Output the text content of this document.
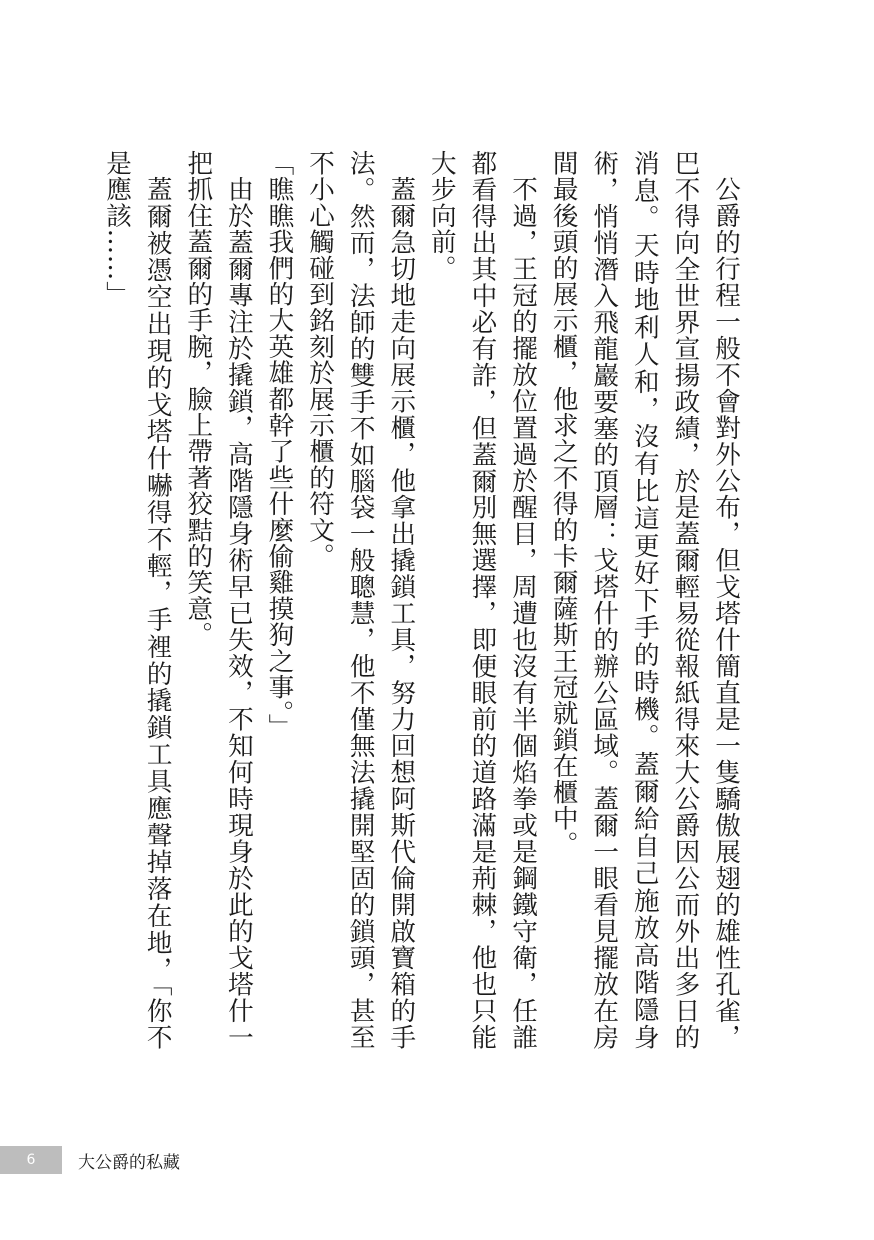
公爵的行程一般不會對外公布，但戈塔什簡直是一隻驕傲展翅的雄性孔雀，巴不得向全世界宣揚政績，於是蓋爾輕易從報紙得來大公爵因公而外出多日的消息。天時地利人和，沒有比這更好下手的時機。蓋爾給自己施放高階隱身術，悄悄潛入飛龍巖要塞的頂層：戈塔什的辦公區域。蓋爾一眼看見擺放在房間最後頭的展示櫃，他求之不得的卡爾薩斯王冠就鎖在櫃中。

不過，王冠的擺放位置過於醒目，周遭也沒有半個焰拳或是鋼鐵守衛，任誰都看得出其中必有詐，但蓋爾別無選擇，即便眼前的道路滿是荊棘，他也只能大步向前。

蓋爾急切地走向展示櫃，他拿出撬鎖工具，努力回想阿斯代倫開啟寶箱的手法。然而，法師的雙手不如腦袋一般聰慧，他不僅無法撬開堅固的鎖頭，甚至不小心觸碰到銘刻於展示櫃的符文。

「瞧瞧我們的大英雄都幹了些什麼偷雞摸狗之事。」

由於蓋爾專注於撬鎖，高階隱身術早已失效，不知何時現身於此的戈塔什一把抓住蓋爾的手腕，臉上帶著狡黠的笑意。

蓋爾被憑空出現的戈塔什嚇得不輕，手裡的撬鎖工具應聲掉落在地，「你不是應該……」

6	大公爵的私藏
